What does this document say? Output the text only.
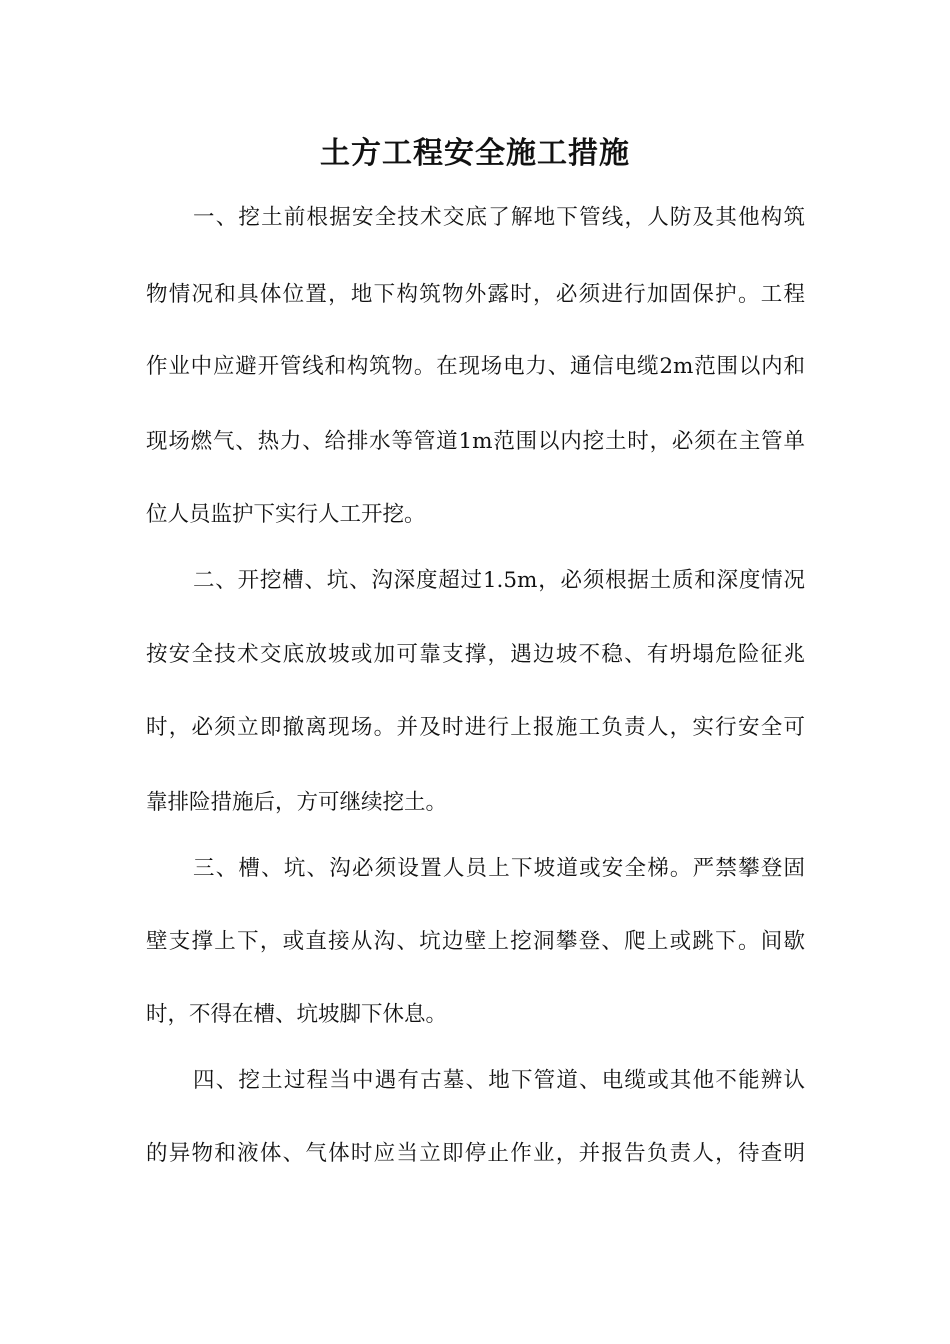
土方工程安全施工措施

一、挖土前根据安全技术交底了解地下管线，人防及其他构筑

物情况和具体位置，地下构筑物外露时，必须进行加固保护。工程

作业中应避开管线和构筑物。在现场电力、通信电缆2m范围以内和

现场燃气、热力、给排水等管道1m范围以内挖土时，必须在主管单

位人员监护下实行人工开挖。

二、开挖槽、坑、沟深度超过1.5m，必须根据土质和深度情况

按安全技术交底放坡或加可靠支撑，遇边坡不稳、有坍塌危险征兆

时，必须立即撤离现场。并及时进行上报施工负责人，实行安全可

靠排险措施后，方可继续挖土。

三、槽、坑、沟必须设置人员上下坡道或安全梯。严禁攀登固

壁支撑上下，或直接从沟、坑边壁上挖洞攀登、爬上或跳下。间歇

时，不得在槽、坑坡脚下休息。

四、挖土过程当中遇有古墓、地下管道、电缆或其他不能辨认

的异物和液体、气体时应当立即停止作业，并报告负责人，待查明
